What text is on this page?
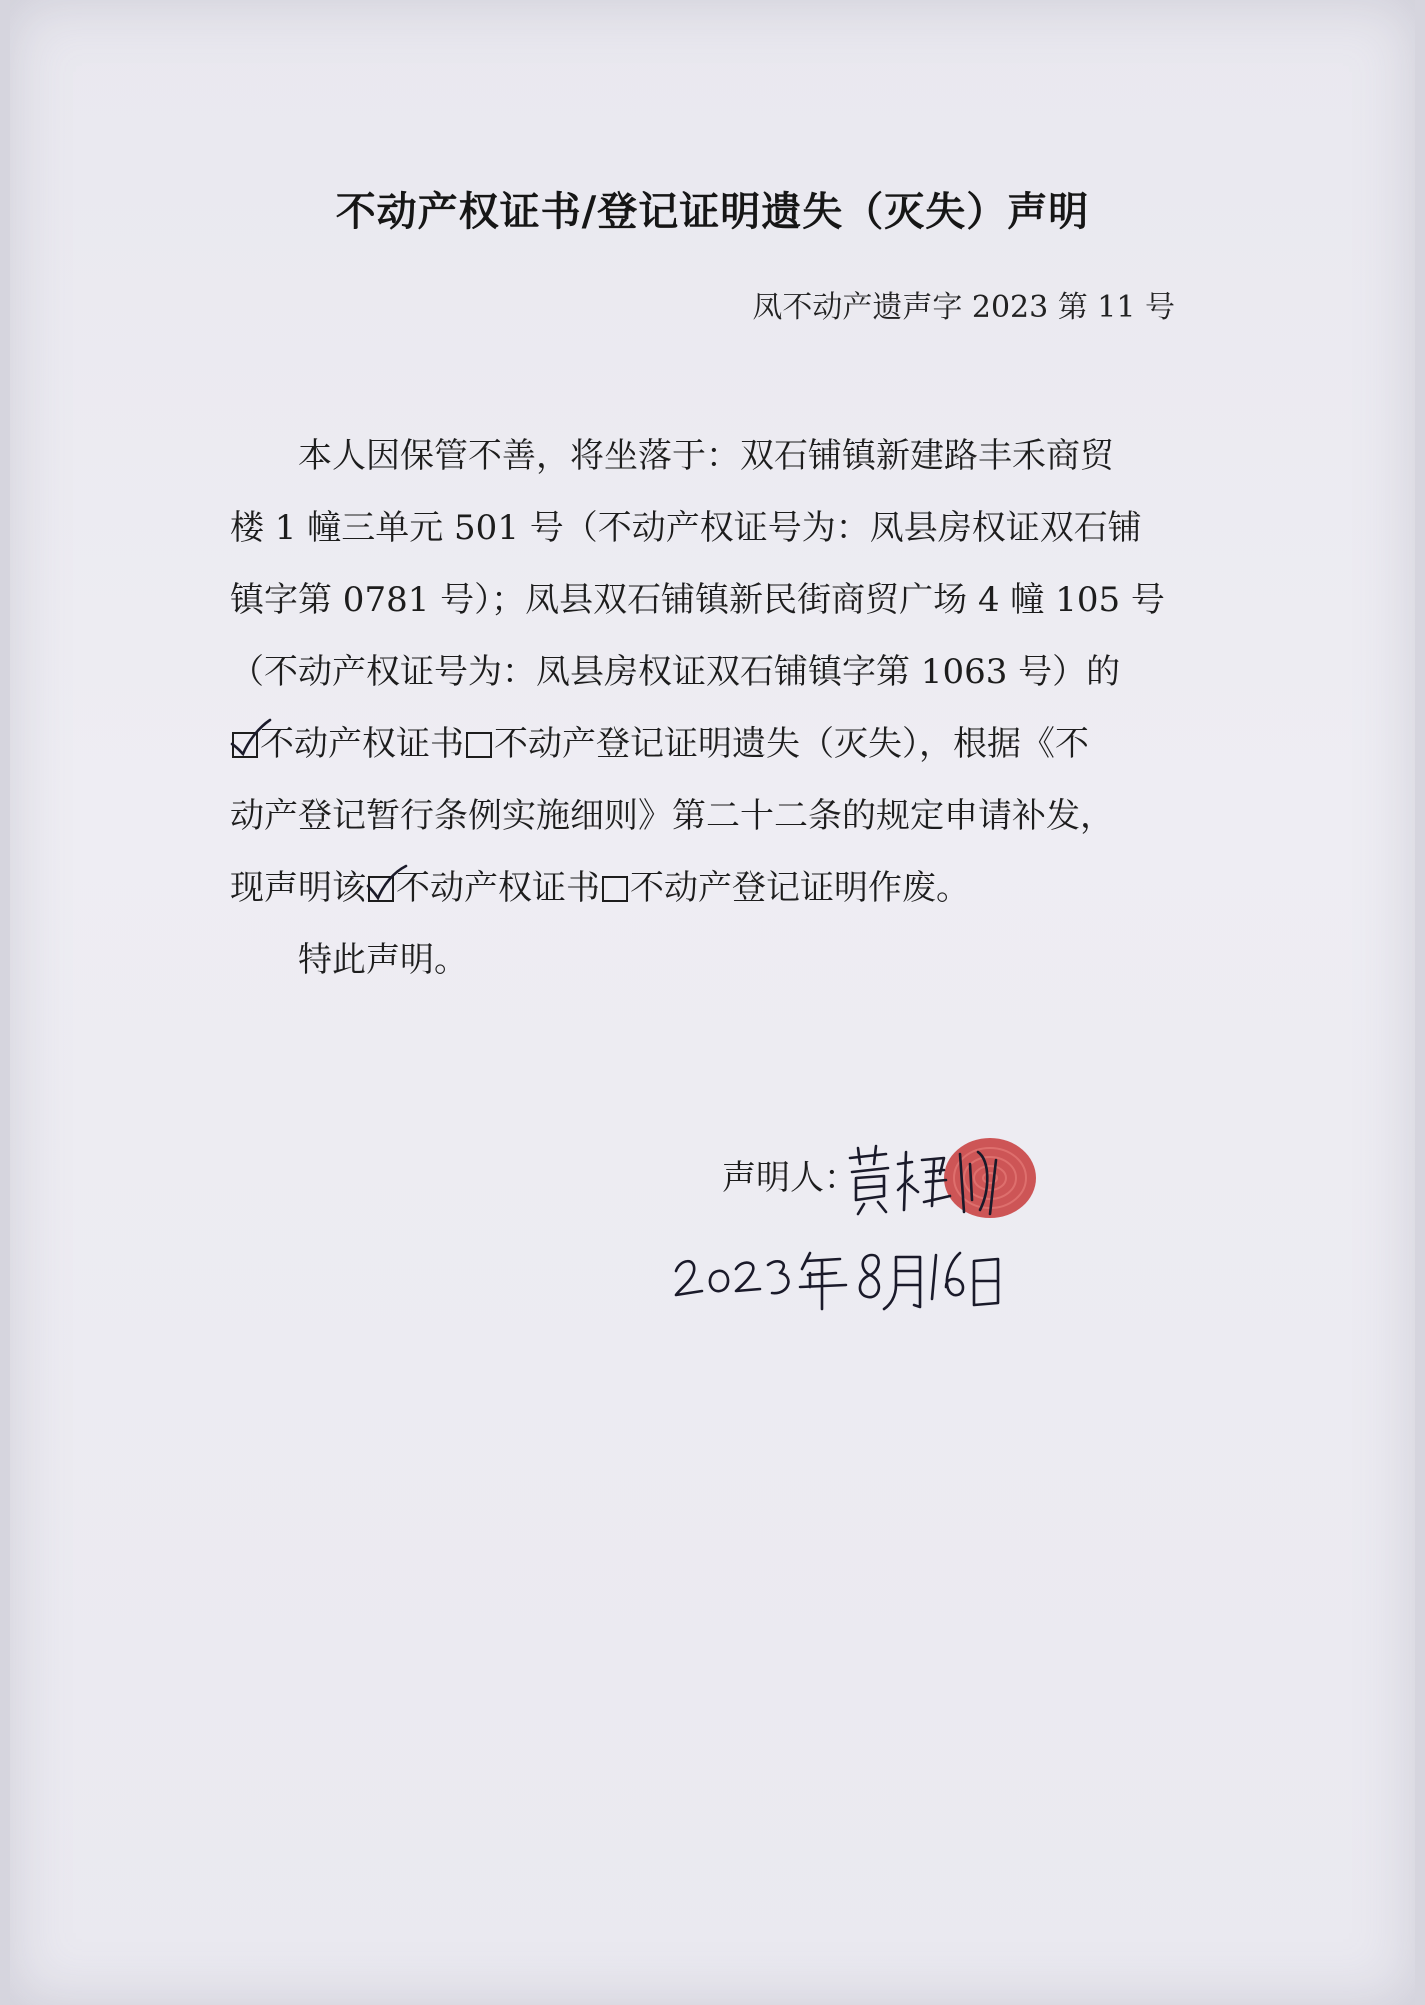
不动产权证书/登记证明遗失（灭失）声明
凤不动产遗声字 2023 第 11 号
本人因保管不善，将坐落于：双石铺镇新建路丰禾商贸
楼 1 幢三单元 501 号（不动产权证号为：凤县房权证双石铺
镇字第 0781 号）；凤县双石铺镇新民街商贸广场 4 幢 105 号
（不动产权证号为：凤县房权证双石铺镇字第 1063 号）的
不动产权证书 不动产登记证明遗失（灭失），根据《不
动产登记暂行条例实施细则》第二十二条的规定申请补发，
现声明该 不动产权证书 不动产登记证明作废。
特此声明。
声明人：
